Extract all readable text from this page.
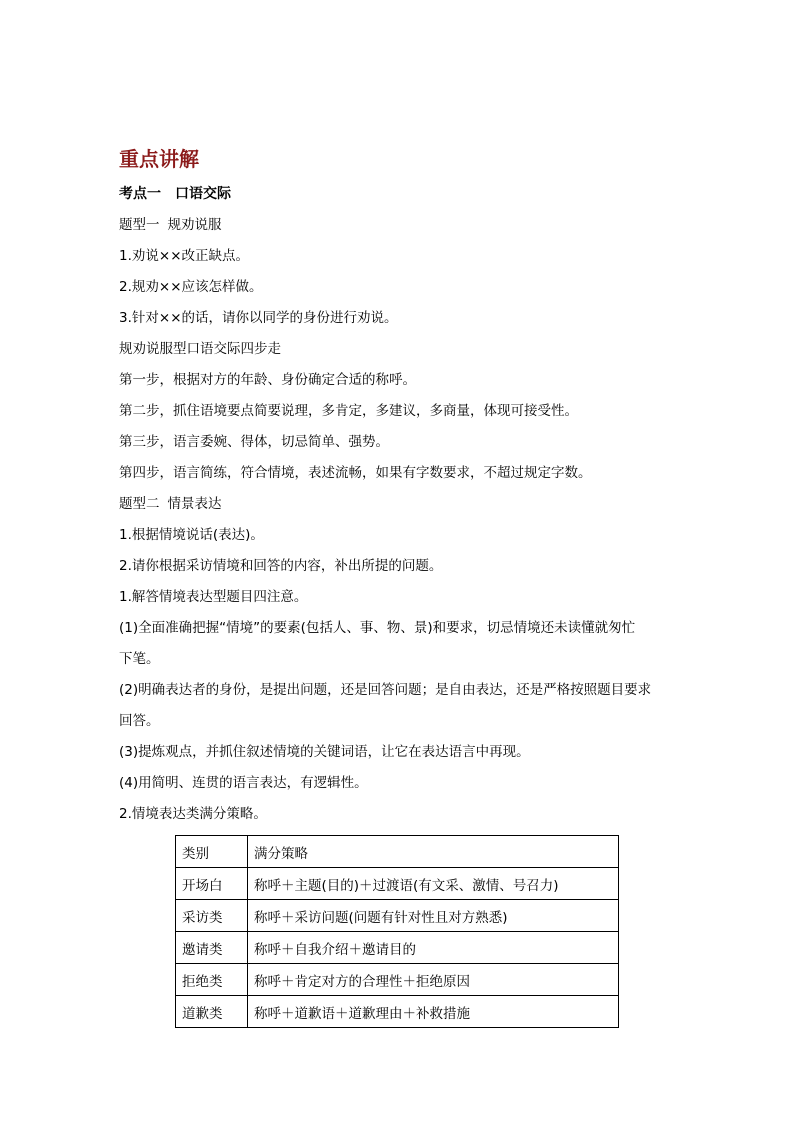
重点讲解
考点一　口语交际
题型一 规劝说服
1.劝说××改正缺点。
2.规劝××应该怎样做。
3.针对××的话，请你以同学的身份进行劝说。
规劝说服型口语交际四步走
第一步，根据对方的年龄、身份确定合适的称呼。
第二步，抓住语境要点简要说理，多肯定，多建议，多商量，体现可接受性。
第三步，语言委婉、得体，切忌简单、强势。
第四步，语言简练，符合情境，表述流畅，如果有字数要求，不超过规定字数。
题型二 情景表达
1.根据情境说话(表达)。
2.请你根据采访情境和回答的内容，补出所提的问题。
1.解答情境表达型题目四注意。
(1)全面准确把握“情境”的要素(包括人、事、物、景)和要求，切忌情境还未读懂就匆忙
下笔。
(2)明确表达者的身份，是提出问题，还是回答问题；是自由表达，还是严格按照题目要求
回答。
(3)提炼观点，并抓住叙述情境的关键词语，让它在表达语言中再现。
(4)用简明、连贯的语言表达，有逻辑性。
2.情境表达类满分策略。
类别	满分策略
开场白	称呼＋主题(目的)＋过渡语(有文采、激情、号召力)
采访类	称呼＋采访问题(问题有针对性且对方熟悉)
邀请类	称呼＋自我介绍＋邀请目的
拒绝类	称呼＋肯定对方的合理性＋拒绝原因
道歉类	称呼＋道歉语＋道歉理由＋补救措施
